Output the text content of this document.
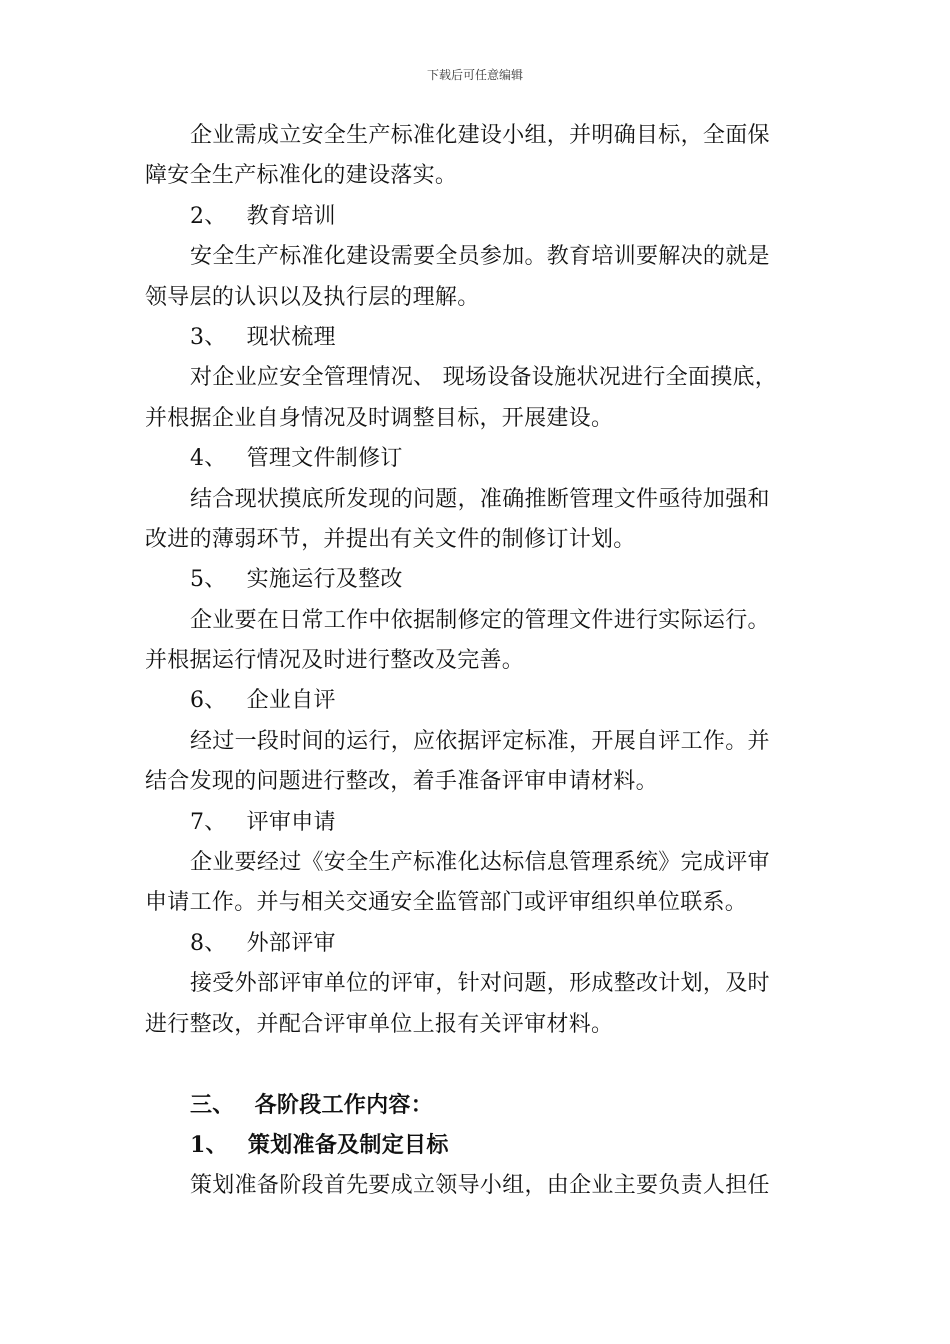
下载后可任意编辑
企业需成立安全生产标准化建设小组，并明确目标，全面保
障安全生产标准化的建设落实。
2、 教育培训
安全生产标准化建设需要全员参加。教育培训要解决的就是
领导层的认识以及执行层的理解。
3、 现状梳理
对企业应安全管理情况、 现场设备设施状况进行全面摸底，
并根据企业自身情况及时调整目标，开展建设。
4、 管理文件制修订
结合现状摸底所发现的问题，准确推断管理文件亟待加强和
改进的薄弱环节，并提出有关文件的制修订计划。
5、 实施运行及整改
企业要在日常工作中依据制修定的管理文件进行实际运行。
并根据运行情况及时进行整改及完善。
6、 企业自评
经过一段时间的运行，应依据评定标准，开展自评工作。并
结合发现的问题进行整改，着手准备评审申请材料。
7、 评审申请
企业要经过《安全生产标准化达标信息管理系统》完成评审
申请工作。并与相关交通安全监管部门或评审组织单位联系。
8、 外部评审
接受外部评审单位的评审，针对问题，形成整改计划，及时
进行整改，并配合评审单位上报有关评审材料。
三、 各阶段工作内容：
1、 策划准备及制定目标
策划准备阶段首先要成立领导小组，由企业主要负责人担任
